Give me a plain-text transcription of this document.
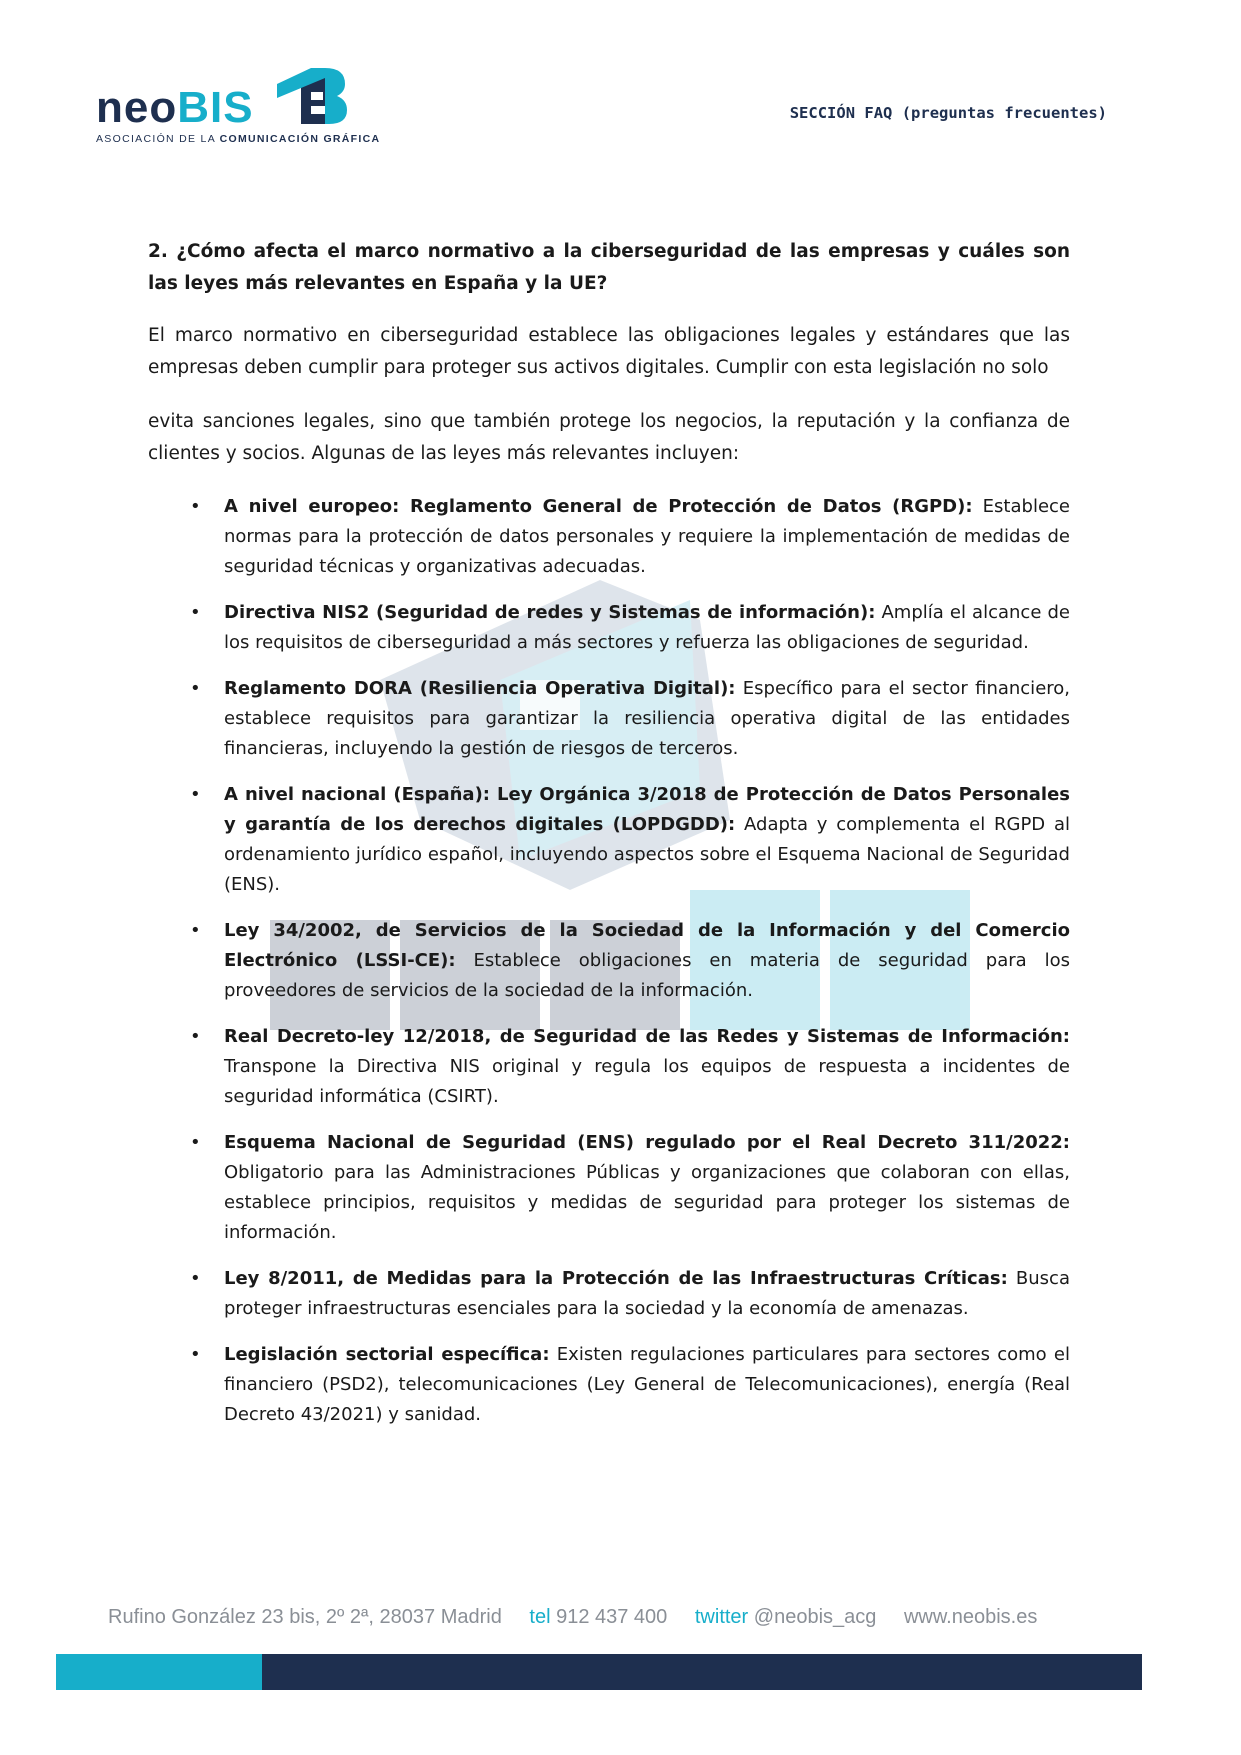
neoBIS
ASOCIACIÓN DE LA COMUNICACIÓN GRÁFICA
SECCIÓN FAQ (preguntas frecuentes)

2. ¿Cómo afecta el marco normativo a la ciberseguridad de las empresas y cuáles son las leyes más relevantes en España y la UE?

El marco normativo en ciberseguridad establece las obligaciones legales y estándares que las empresas deben cumplir para proteger sus activos digitales. Cumplir con esta legislación no solo

evita sanciones legales, sino que también protege los negocios, la reputación y la confianza de clientes y socios. Algunas de las leyes más relevantes incluyen:

• A nivel europeo: Reglamento General de Protección de Datos (RGPD): Establece normas para la protección de datos personales y requiere la implementación de medidas de seguridad técnicas y organizativas adecuadas.
• Directiva NIS2 (Seguridad de redes y Sistemas de información): Amplía el alcance de los requisitos de ciberseguridad a más sectores y refuerza las obligaciones de seguridad.
• Reglamento DORA (Resiliencia Operativa Digital): Específico para el sector financiero, establece requisitos para garantizar la resiliencia operativa digital de las entidades financieras, incluyendo la gestión de riesgos de terceros.
• A nivel nacional (España): Ley Orgánica 3/2018 de Protección de Datos Personales y garantía de los derechos digitales (LOPDGDD): Adapta y complementa el RGPD al ordenamiento jurídico español, incluyendo aspectos sobre el Esquema Nacional de Seguridad (ENS).
• Ley 34/2002, de Servicios de la Sociedad de la Información y del Comercio Electrónico (LSSI-CE): Establece obligaciones en materia de seguridad para los proveedores de servicios de la sociedad de la información.
• Real Decreto-ley 12/2018, de Seguridad de las Redes y Sistemas de Información: Transpone la Directiva NIS original y regula los equipos de respuesta a incidentes de seguridad informática (CSIRT).
• Esquema Nacional de Seguridad (ENS) regulado por el Real Decreto 311/2022: Obligatorio para las Administraciones Públicas y organizaciones que colaboran con ellas, establece principios, requisitos y medidas de seguridad para proteger los sistemas de información.
• Ley 8/2011, de Medidas para la Protección de las Infraestructuras Críticas: Busca proteger infraestructuras esenciales para la sociedad y la economía de amenazas.
• Legislación sectorial específica: Existen regulaciones particulares para sectores como el financiero (PSD2), telecomunicaciones (Ley General de Telecomunicaciones), energía (Real Decreto 43/2021) y sanidad.
Rufino González 23 bis, 2º 2ª, 28037 Madrid tel 912 437 400 twitter @neobis_acg www.neobis.es
